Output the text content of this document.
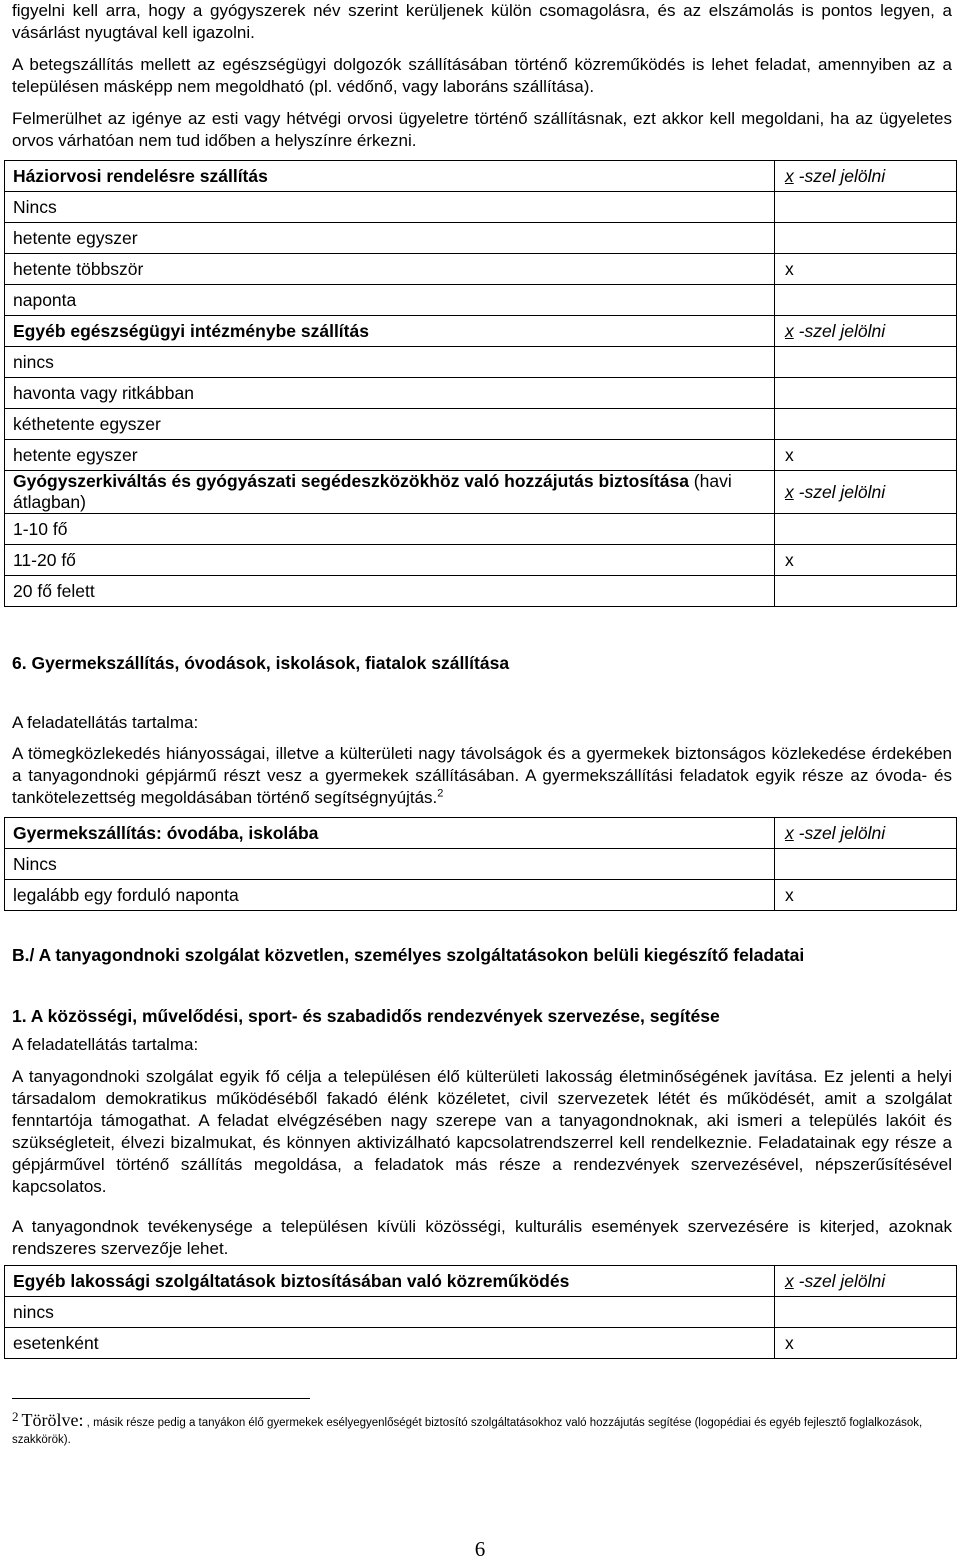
figyelni kell arra, hogy a gyógyszerek név szerint kerüljenek külön csomagolásra, és az elszámolás is pontos legyen, a vásárlást nyugtával kell igazolni.

A betegszállítás mellett az egészségügyi dolgozók szállításában történő közreműködés is lehet feladat, amennyiben az a településen másképp nem megoldható (pl. védőnő, vagy laboráns szállítása).

Felmerülhet az igénye az esti vagy hétvégi orvosi ügyeletre történő szállításnak, ezt akkor kell megoldani, ha az ügyeletes orvos várhatóan nem tud időben a helyszínre érkezni.

Háziorvosi rendelésre szállítás	x -szel jelölni
Nincs	
hetente egyszer	
hetente többször	x
naponta	
Egyéb egészségügyi intézménybe szállítás	x -szel jelölni
nincs	
havonta vagy ritkábban	
kéthetente egyszer	
hetente egyszer	x
Gyógyszerkiváltás és gyógyászati segédeszközökhöz való hozzájutás biztosítása (havi átlagban)	x -szel jelölni
1-10 fő	
11-20 fő	x
20 fő felett	
6. Gyermekszállítás, óvodások, iskolások, fiatalok szállítása

A feladatellátás tartalma:

A tömegközlekedés hiányosságai, illetve a külterületi nagy távolságok és a gyermekek biztonságos közlekedése érdekében a tanyagondnoki gépjármű részt vesz a gyermekek szállításában. A gyermekszállítási feladatok egyik része az óvoda- és tankötelezettség megoldásában történő segítségnyújtás.$^2$

Gyermekszállítás: óvodába, iskolába	x -szel jelölni
Nincs	
legalább egy forduló naponta	x
B./ A tanyagondnoki szolgálat közvetlen, személyes szolgáltatásokon belüli kiegészítő feladatai
1. A közösségi, művelődési, sport- és szabadidős rendezvények szervezése, segítése

A feladatellátás tartalma:

A tanyagondnoki szolgálat egyik fő célja a településen élő külterületi lakosság életminőségének javítása. Ez jelenti a helyi társadalom demokratikus működéséből fakadó élénk közéletet, civil szervezetek létét és működését, amit a szolgálat fenntartója támogathat. A feladat elvégzésében nagy szerepe van a tanyagondnoknak, aki ismeri a település lakóit és szükségleteit, élvezi bizalmukat, és könnyen aktivizálható kapcsolatrendszerrel kell rendelkeznie. Feladatainak egy része a gépjárművel történő szállítás megoldása, a feladatok más része a rendezvények szervezésével, népszerűsítésével kapcsolatos.

A tanyagondnok tevékenysége a településen kívüli közösségi, kulturális események szervezésére is kiterjed, azoknak rendszeres szervezője lehet.

Egyéb lakossági szolgáltatások biztosításában való közreműködés	x -szel jelölni
nincs	
esetenként	x
2 Törölve: , másik része pedig a tanyákon élő gyermekek esélyegyenlőségét biztosító szolgáltatásokhoz való hozzájutás segítése (logopédiai és egyéb fejlesztő foglalkozások, szakkörök).
6
